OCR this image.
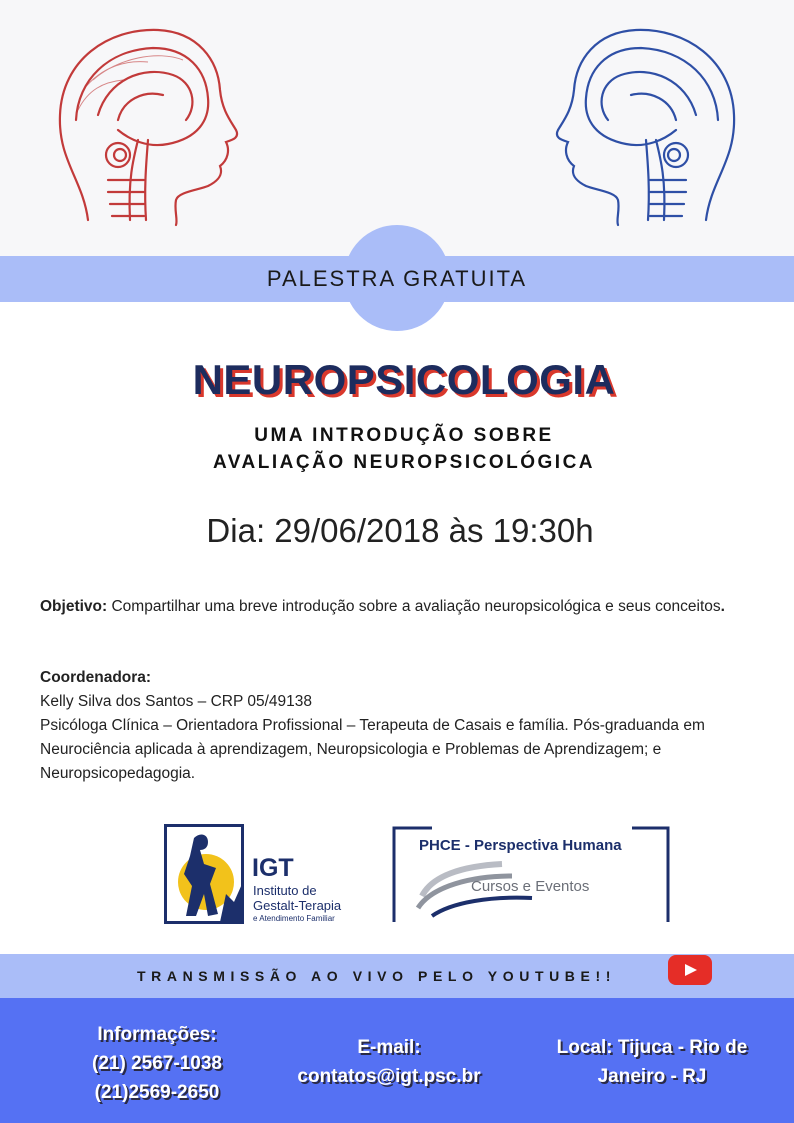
PALESTRA GRATUITA
NEUROPSICOLOGIA
UMA INTRODUÇÃO SOBRE
AVALIAÇÃO NEUROPSICOLÓGICA
Dia: 29/06/2018 às 19:30h
Objetivo: Compartilhar uma breve introdução sobre a avaliação neuropsicológica e seus conceitos.
Coordenadora:
Kelly Silva dos Santos – CRP 05/49138
Psicóloga Clínica – Orientadora Profissional – Terapeuta de Casais e família. Pós-graduanda em Neurociência aplicada à aprendizagem, Neuropsicologia e Problemas de Aprendizagem; e Neuropsicopedagogia.
IGT
Instituto de
Gestalt-Terapia
e Atendimento Familiar
PHCE - Perspectiva Humana
Cursos e Eventos
TRANSMISSÃO AO VIVO PELO YOUTUBE!!
Informações:
(21) 2567-1038
(21)2569-2650
E-mail:
contatos@igt.psc.br
Local: Tijuca - Rio de
Janeiro - RJ
